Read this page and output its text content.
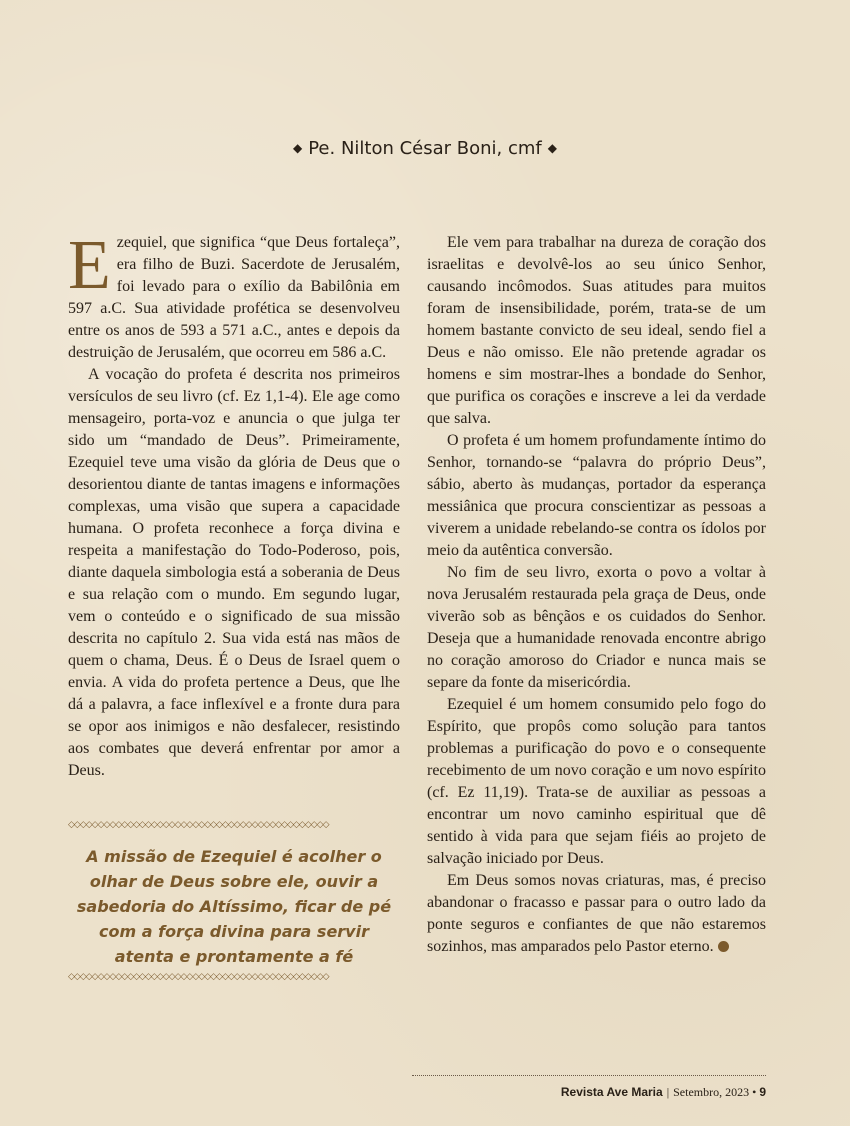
◆ Pe. Nilton César Boni, cmf ◆

Ezequiel, que significa “que Deus fortaleça”, era filho de Buzi. Sacerdote de Jerusalém, foi levado para o exílio da Babilônia em 597 a.C. Sua atividade profética se desenvolveu entre os anos de 593 a 571 a.C., antes e depois da destruição de Jerusalém, que ocorreu em 586 a.C.

A vocação do profeta é descrita nos primeiros versículos de seu livro (cf. Ez 1,1-4). Ele age como mensageiro, porta-voz e anuncia o que julga ter sido um “mandado de Deus”. Primeiramente, Ezequiel teve uma visão da glória de Deus que o desorientou diante de tantas imagens e informações complexas, uma visão que supera a capacidade humana. O profeta reconhece a força divina e respeita a manifestação do Todo-Poderoso, pois, diante daquela simbologia está a soberania de Deus e sua relação com o mundo. Em segundo lugar, vem o conteúdo e o significado de sua missão descrita no capítulo 2. Sua vida está nas mãos de quem o chama, Deus. É o Deus de Israel quem o envia. A vida do profeta pertence a Deus, que lhe dá a palavra, a face inflexível e a fronte dura para se opor aos inimigos e não desfalecer, resistindo aos combates que deverá enfrentar por amor a Deus.

◇◇◇◇◇◇◇◇◇◇◇◇◇◇◇◇◇◇◇◇◇◇◇◇◇◇◇◇◇◇◇◇◇◇◇◇◇◇◇◇◇◇◇◇
A missão de Ezequiel é acolher o olhar de Deus sobre ele, ouvir a sabedoria do Altíssimo, ficar de pé com a força divina para servir atenta e prontamente a fé
◇◇◇◇◇◇◇◇◇◇◇◇◇◇◇◇◇◇◇◇◇◇◇◇◇◇◇◇◇◇◇◇◇◇◇◇◇◇◇◇◇◇◇◇

Ele vem para trabalhar na dureza de coração dos israelitas e devolvê-los ao seu único Senhor, causando incômodos. Suas atitudes para muitos foram de insensibilidade, porém, trata-se de um homem bastante convicto de seu ideal, sendo fiel a Deus e não omisso. Ele não pretende agradar os homens e sim mostrar-lhes a bondade do Senhor, que purifica os corações e inscreve a lei da verdade que salva.

O profeta é um homem profundamente íntimo do Senhor, tornando-se “palavra do próprio Deus”, sábio, aberto às mudanças, portador da esperança messiânica que procura conscientizar as pessoas a viverem a unidade rebelando-se contra os ídolos por meio da autêntica conversão.

No fim de seu livro, exorta o povo a voltar à nova Jerusalém restaurada pela graça de Deus, onde viverão sob as bênçãos e os cuidados do Senhor. Deseja que a humanidade renovada encontre abrigo no coração amoroso do Criador e nunca mais se separe da fonte da misericórdia.

Ezequiel é um homem consumido pelo fogo do Espírito, que propôs como solução para tantos problemas a purificação do povo e o consequente recebimento de um novo coração e um novo espírito (cf. Ez 11,19). Trata-se de auxiliar as pessoas a encontrar um novo caminho espiritual que dê sentido à vida para que sejam fiéis ao projeto de salvação iniciado por Deus.

Em Deus somos novas criaturas, mas, é preciso abandonar o fracasso e passar para o outro lado da ponte seguros e confiantes de que não estaremos sozinhos, mas amparados pelo Pastor eterno.

Revista Ave Maria | Setembro, 2023 • 9
